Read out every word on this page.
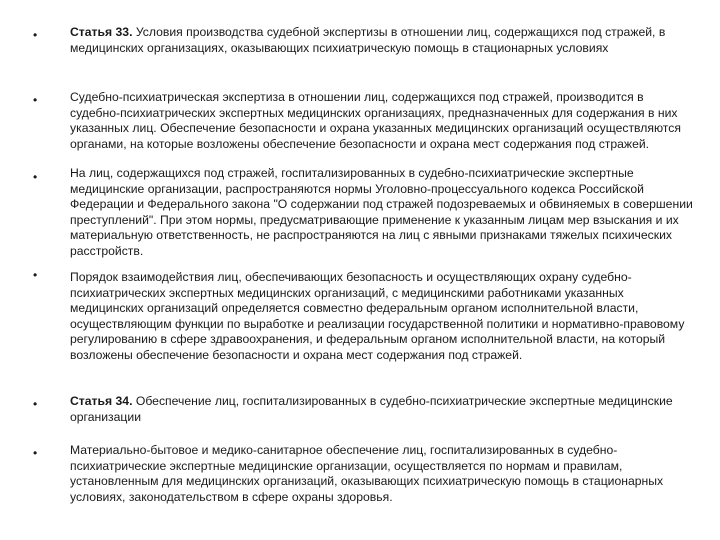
•	Статья 33. Условия производства судебной экспертизы в отношении лиц, содержащихся под стражей, в медицинских организациях, оказывающих психиатрическую помощь в стационарных условиях
•	Судебно-психиатрическая экспертиза в отношении лиц, содержащихся под стражей, производится в судебно-психиатрических экспертных медицинских организациях, предназначенных для содержания в них указанных лиц. Обеспечение безопасности и охрана указанных медицинских организаций осуществляются органами, на которые возложены обеспечение безопасности и охрана мест содержания под стражей.
•	На лиц, содержащихся под стражей, госпитализированных в судебно-психиатрические экспертные медицинские организации, распространяются нормы Уголовно-процессуального кодекса Российской Федерации и Федерального закона "О содержании под стражей подозреваемых и обвиняемых в совершении преступлений". При этом нормы, предусматривающие применение к указанным лицам мер взыскания и их материальную ответственность, не распространяются на лиц с явными признаками тяжелых психических расстройств.
•	Порядок взаимодействия лиц, обеспечивающих безопасность и осуществляющих охрану судебно-психиатрических экспертных медицинских организаций, с медицинскими работниками указанных медицинских организаций определяется совместно федеральным органом исполнительной власти, осуществляющим функции по выработке и реализации государственной политики и нормативно-правовому регулированию в сфере здравоохранения, и федеральным органом исполнительной власти, на который возложены обеспечение безопасности и охрана мест содержания под стражей.
•	Статья 34. Обеспечение лиц, госпитализированных в судебно-психиатрические экспертные медицинские организации
•	Материально-бытовое и медико-санитарное обеспечение лиц, госпитализированных в судебно-психиатрические экспертные медицинские организации, осуществляется по нормам и правилам, установленным для медицинских организаций, оказывающих психиатрическую помощь в стационарных условиях, законодательством в сфере охраны здоровья.
